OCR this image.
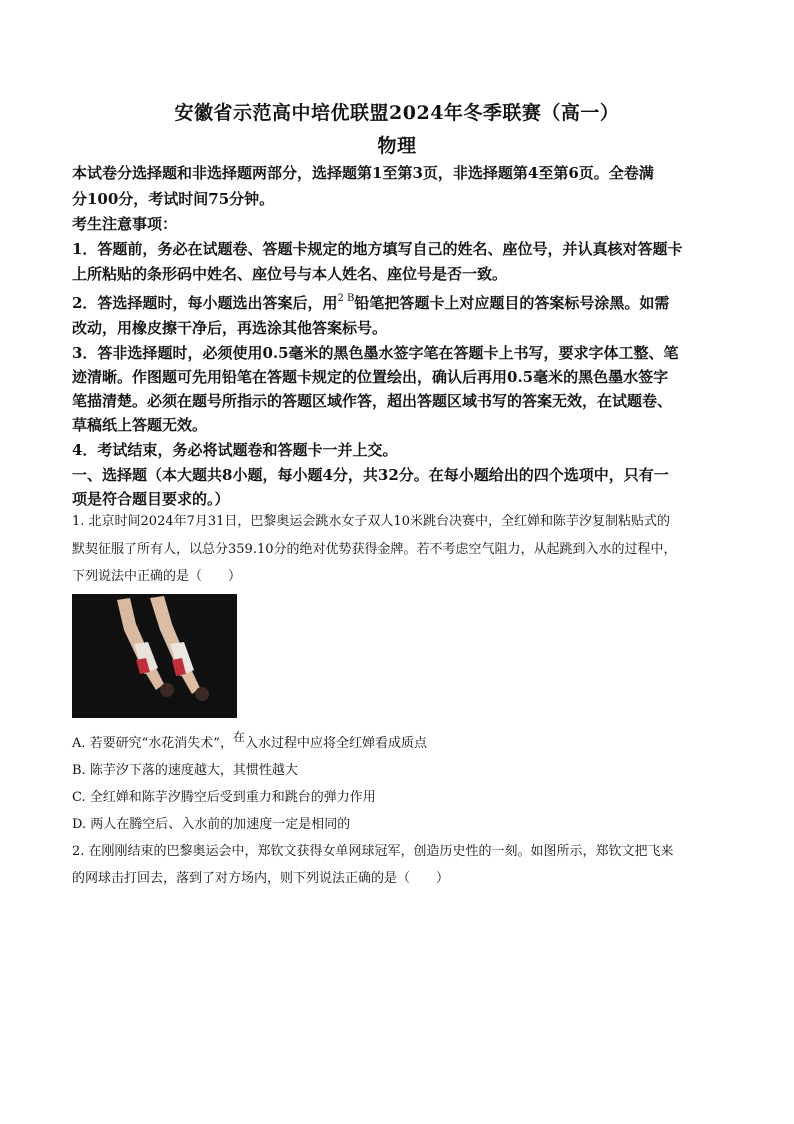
安徽省示范高中培优联盟2024年冬季联赛（高一）
物理
本试卷分选择题和非选择题两部分，选择题第1至第3页，非选择题第4至第6页。全卷满
分100分，考试时间75分钟。
考生注意事项：
1．答题前，务必在试题卷、答题卡规定的地方填写自己的姓名、座位号，并认真核对答题卡
上所粘贴的条形码中姓名、座位号与本人姓名、座位号是否一致。
2．答选择题时，每小题选出答案后，用$^{2 B}$铅笔把答题卡上对应题目的答案标号涂黑。如需
改动，用橡皮擦干净后，再选涂其他答案标号。
3．答非选择题时，必须使用0.5毫米的黑色墨水签字笔在答题卡上书写，要求字体工整、笔
迹清晰。作图题可先用铅笔在答题卡规定的位置绘出，确认后再用0.5毫米的黑色墨水签字
笔描清楚。必须在题号所指示的答题区域作答，超出答题区域书写的答案无效，在试题卷、
草稿纸上答题无效。
4．考试结束，务必将试题卷和答题卡一并上交。
一、选择题（本大题共8小题，每小题4分，共32分。在每小题给出的四个选项中，只有一
项是符合题目要求的。）
1. 北京时间2024年7月31日，巴黎奥运会跳水女子双人10米跳台决赛中，全红婵和陈芋汐复制粘贴式的
默契征服了所有人，以总分359.10分的绝对优势获得金牌。若不考虑空气阻力，从起跳到入水的过程中，
下列说法中正确的是（　　）
A. 若要研究“水花消失术”，在入水过程中应将全红婵看成质点
B. 陈芋汐下落的速度越大，其惯性越大
C. 全红婵和陈芋汐腾空后受到重力和跳台的弹力作用
D. 两人在腾空后、入水前的加速度一定是相同的
2. 在刚刚结束的巴黎奥运会中，郑钦文获得女单网球冠军，创造历史性的一刻。如图所示，郑钦文把飞来
的网球击打回去，落到了对方场内，则下列说法正确的是（　　）
